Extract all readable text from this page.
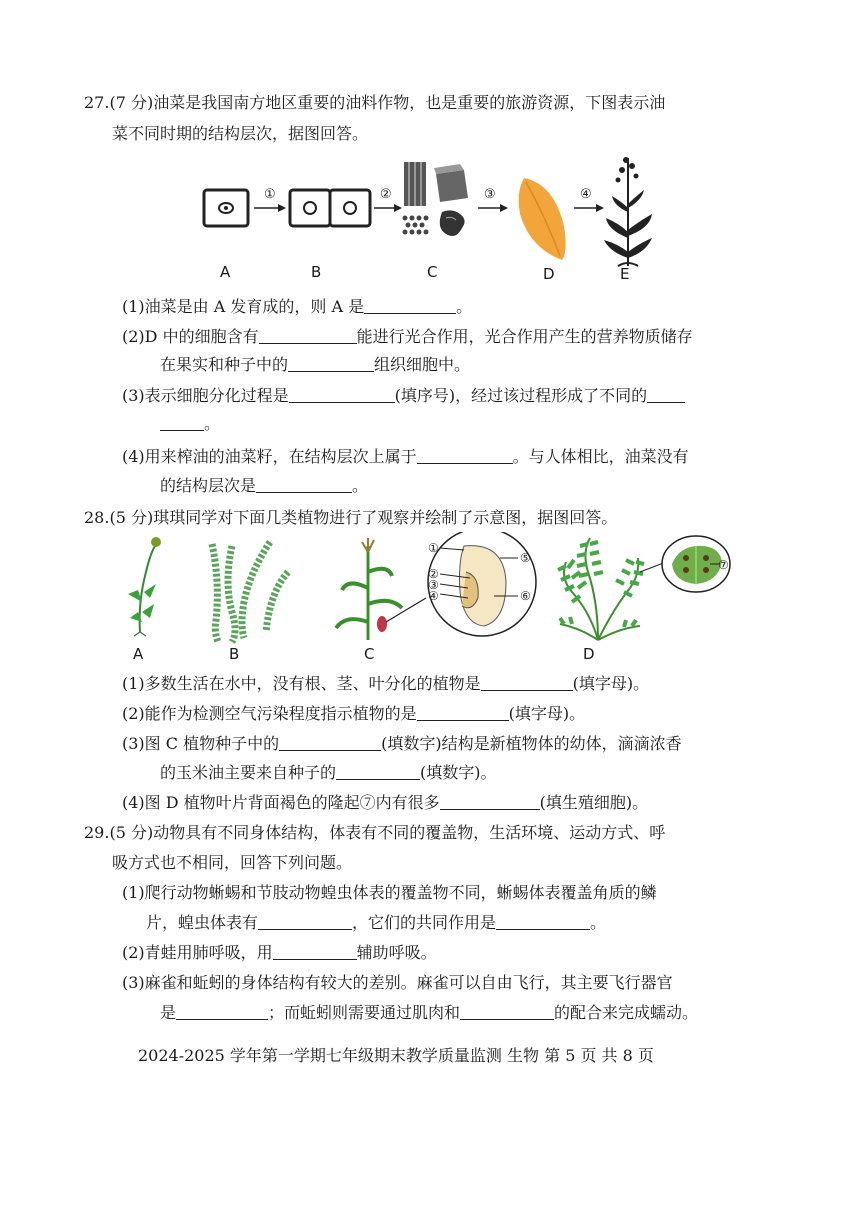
27.(7 分)油菜是我国南方地区重要的油料作物，也是重要的旅游资源，下图表示油
菜不同时期的结构层次，据图回答。
①	②	③	④
A	B	C	D	E
(1)油菜是由 A 发育成的，则 A 是	。
(2)D 中的细胞含有	能进行光合作用，光合作用产生的营养物质储存
在果实和种子中的	组织细胞中。
(3)表示细胞分化过程是	(填序号)，经过该过程形成了不同的
。
(4)用来榨油的油菜籽，在结构层次上属于	。与人体相比，油菜没有
的结构层次是	。
28.(5 分)琪琪同学对下面几类植物进行了观察并绘制了示意图，据图回答。
①
②
③
④
⑤
⑥
⑦
A	B	C	D
(1)多数生活在水中，没有根、茎、叶分化的植物是	(填字母)。
(2)能作为检测空气污染程度指示植物的是	(填字母)。
(3)图 C 植物种子中的	(填数字)结构是新植物体的幼体，滴滴浓香
的玉米油主要来自种子的	(填数字)。
(4)图 D 植物叶片背面褐色的隆起⑦内有很多	(填生殖细胞)。
29.(5 分)动物具有不同身体结构，体表有不同的覆盖物，生活环境、运动方式、呼
吸方式也不相同，回答下列问题。
(1)爬行动物蜥蜴和节肢动物蝗虫体表的覆盖物不同，蜥蜴体表覆盖角质的鳞
片，蝗虫体表有	，它们的共同作用是	。
(2)青蛙用肺呼吸，用	辅助呼吸。
(3)麻雀和蚯蚓的身体结构有较大的差别。麻雀可以自由飞行，其主要飞行器官
是	；而蚯蚓则需要通过肌肉和	的配合来完成蠕动。
2024-2025 学年第一学期七年级期末教学质量监测 生物 第 5 页 共 8 页
